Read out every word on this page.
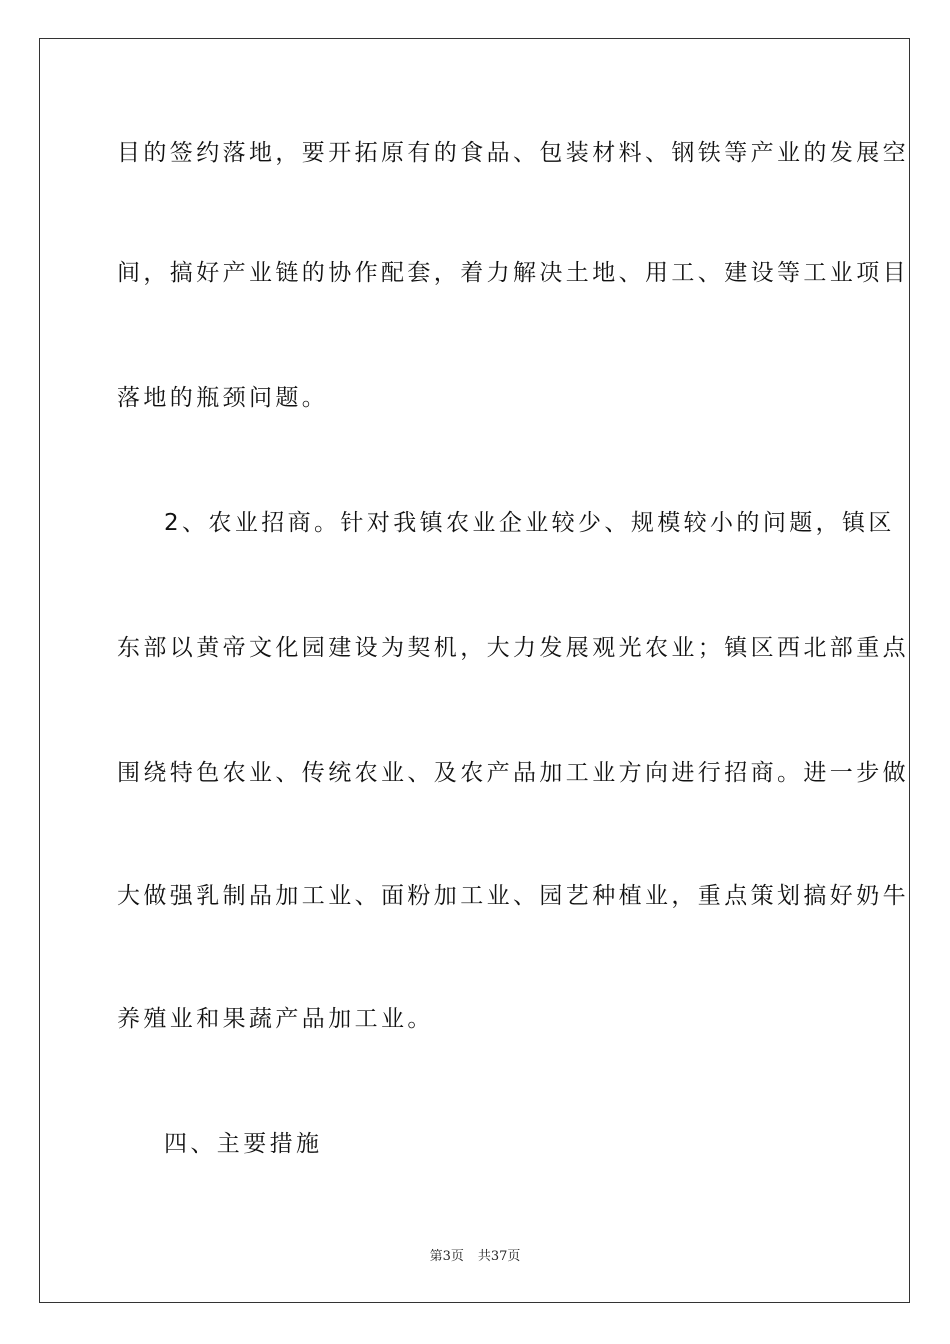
目的签约落地，要开拓原有的食品、包装材料、钢铁等产业的发展空
间，搞好产业链的协作配套，着力解决土地、用工、建设等工业项目
落地的瓶颈问题。
2、农业招商。针对我镇农业企业较少、规模较小的问题，镇区
东部以黄帝文化园建设为契机，大力发展观光农业；镇区西北部重点
围绕特色农业、传统农业、及农产品加工业方向进行招商。进一步做
大做强乳制品加工业、面粉加工业、园艺种植业，重点策划搞好奶牛
养殖业和果蔬产品加工业。
四、主要措施
第3页 共37页
